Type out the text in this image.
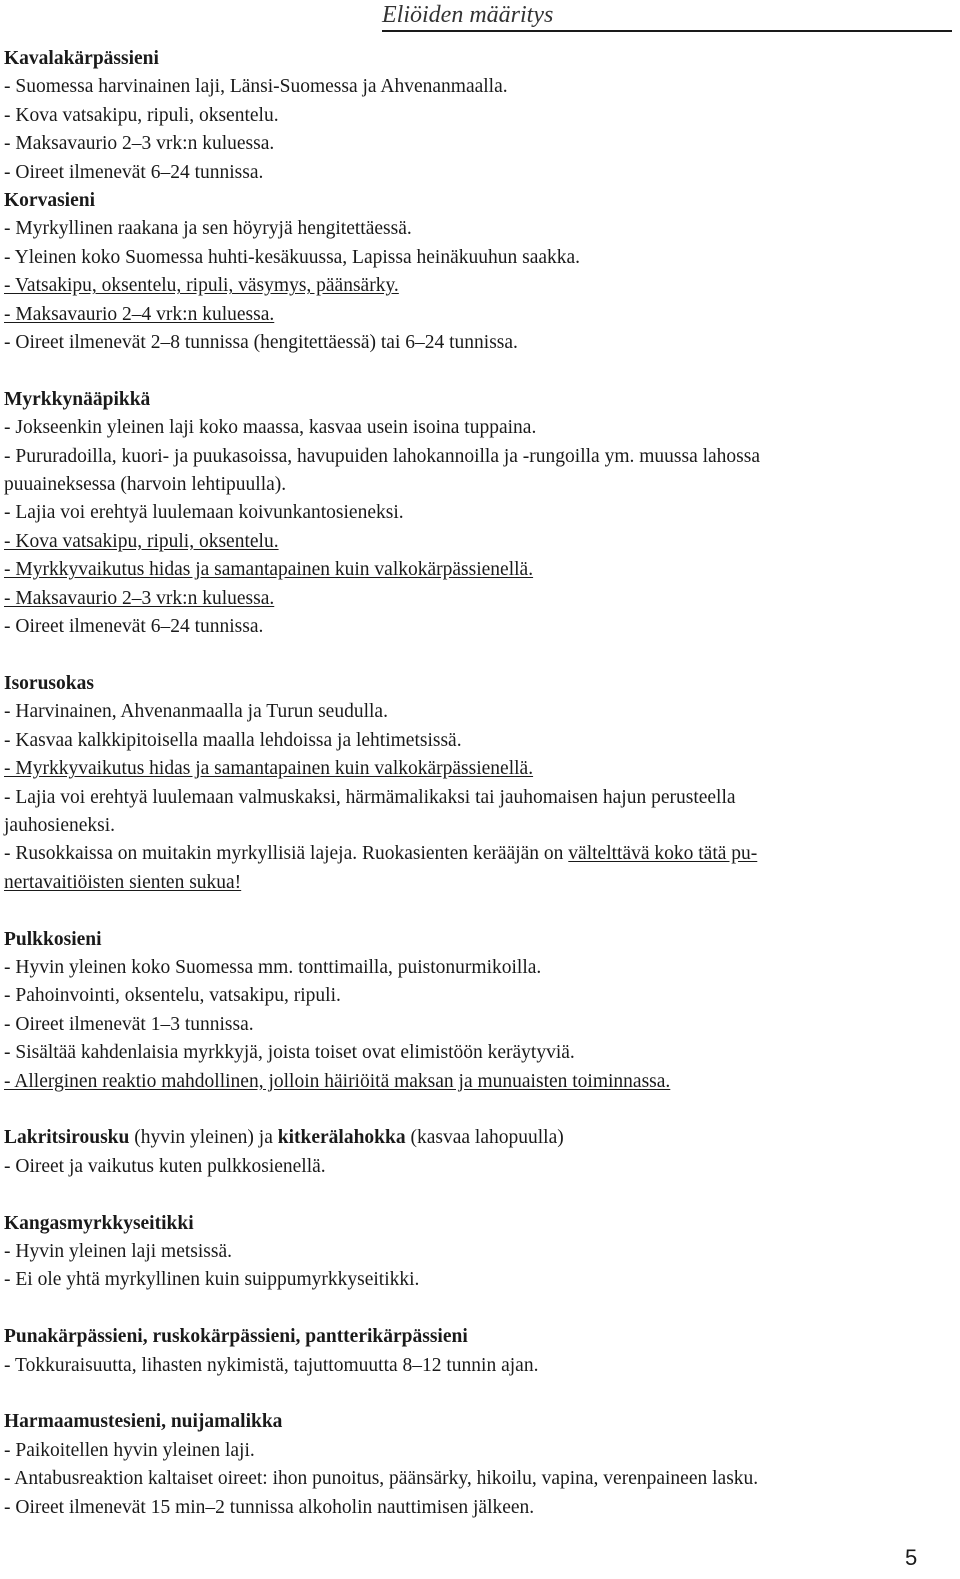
Eliöiden määritys

Kavalakärpässieni

- Suomessa harvinainen laji, Länsi-Suomessa ja Ahvenanmaalla.

- Kova vatsakipu, ripuli, oksentelu.

- Maksavaurio 2–3 vrk:n kuluessa.

- Oireet ilmenevät 6–24 tunnissa.

Korvasieni

- Myrkyllinen raakana ja sen höyryjä hengitettäessä.

- Yleinen koko Suomessa huhti-kesäkuussa, Lapissa heinäkuuhun saakka.

- Vatsakipu, oksentelu, ripuli, väsymys, päänsärky.

- Maksavaurio 2–4 vrk:n kuluessa.

- Oireet ilmenevät 2–8 tunnissa (hengitettäessä) tai 6–24 tunnissa.

Myrkkynääpikkä

- Jokseenkin yleinen laji koko maassa, kasvaa usein isoina tuppaina.

- Pururadoilla, kuori- ja puukasoissa, havupuiden lahokannoilla ja -rungoilla ym. muussa lahossa

puuaineksessa (harvoin lehtipuulla).

- Lajia voi erehtyä luulemaan koivunkantosieneksi.

- Kova vatsakipu, ripuli, oksentelu.

- Myrkkyvaikutus hidas ja samantapainen kuin valkokärpässienellä.

- Maksavaurio 2–3 vrk:n kuluessa.

- Oireet ilmenevät 6–24 tunnissa.

Isorusokas

- Harvinainen, Ahvenanmaalla ja Turun seudulla.

- Kasvaa kalkkipitoisella maalla lehdoissa ja lehtimetsissä.

- Myrkkyvaikutus hidas ja samantapainen kuin valkokärpässienellä.

- Lajia voi erehtyä luulemaan valmuskaksi, härmämalikaksi tai jauhomaisen hajun perusteella

jauhosieneksi.

- Rusokkaissa on muitakin myrkyllisiä lajeja. Ruokasienten kerääjän on vältelttävä koko tätä pu-

nertavaitiöisten sienten sukua!

Pulkkosieni

- Hyvin yleinen koko Suomessa mm. tonttimailla, puistonurmikoilla.

- Pahoinvointi, oksentelu, vatsakipu, ripuli.

- Oireet ilmenevät 1–3 tunnissa.

- Sisältää kahdenlaisia myrkkyjä, joista toiset ovat elimistöön keräytyviä.

- Allerginen reaktio mahdollinen, jolloin häiriöitä maksan ja munuaisten toiminnassa.

Lakritsirousku (hyvin yleinen) ja kitkerälahokka (kasvaa lahopuulla)

- Oireet ja vaikutus kuten pulkkosienellä.

Kangasmyrkkyseitikki

- Hyvin yleinen laji metsissä.

- Ei ole yhtä myrkyllinen kuin suippumyrkkyseitikki.

Punakärpässieni, ruskokärpässieni, pantterikärpässieni

- Tokkuraisuutta, lihasten nykimistä, tajuttomuutta 8–12 tunnin ajan.

Harmaamustesieni, nuijamalikka

- Paikoitellen hyvin yleinen laji.

- Antabusreaktion kaltaiset oireet: ihon punoitus, päänsärky, hikoilu, vapina, verenpaineen lasku.

- Oireet ilmenevät 15 min–2 tunnissa alkoholin nauttimisen jälkeen.

5
